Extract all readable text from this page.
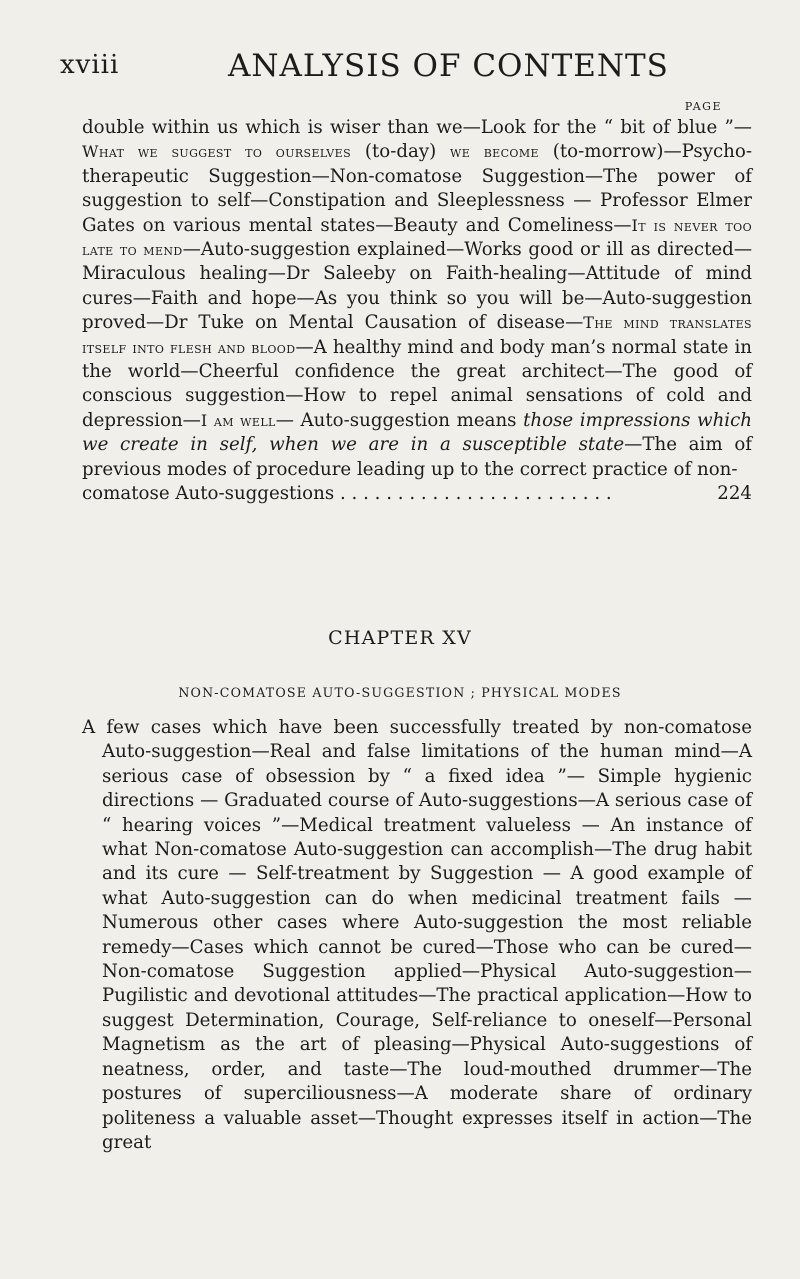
xviii	ANALYSIS OF CONTENTS
PAGE

double within us which is wiser than we—Look for the “ bit of blue ”—What we suggest to ourselves (to-day) we become (to-morrow)—Psycho-therapeutic Suggestion—Non-comatose Suggestion—The power of suggestion to self—Constipation and Sleeplessness — Professor Elmer Gates on various mental states—Beauty and Comeliness—It is never too late to mend—Auto-suggestion explained—Works good or ill as directed—Miraculous healing—Dr Saleeby on Faith-healing—Attitude of mind cures—Faith and hope—As you think so you will be—Auto-suggestion proved—Dr Tuke on Mental Causation of disease—The mind translates itself into flesh and blood—A healthy mind and body man’s normal state in the world—Cheerful confidence the great architect—The good of conscious suggestion—How to repel animal sensations of cold and depression—I am well— Auto-suggestion means those impressions which we create in self, when we are in a susceptible state—The aim of previous modes of procedure leading up to the correct practice of non-

comatose Auto-suggestions . . . . . . . . . . . . . . . . . . . . . . . .	224
CHAPTER XV
NON-COMATOSE AUTO-SUGGESTION ; PHYSICAL MODES

A few cases which have been successfully treated by non-comatose Auto-suggestion—Real and false limitations of the human mind—A serious case of obsession by “ a fixed idea ”— Simple hygienic directions — Graduated course of Auto-suggestions—A serious case of “ hearing voices ”—Medical treatment valueless — An instance of what Non-comatose Auto-suggestion can accomplish—The drug habit and its cure — Self-treatment by Suggestion — A good example of what Auto-suggestion can do when medicinal treatment fails —Numerous other cases where Auto-suggestion the most reliable remedy—Cases which cannot be cured—Those who can be cured—Non-comatose Suggestion applied—Physical Auto-suggestion—Pugilistic and devotional attitudes—The practical application—How to suggest Determination, Courage, Self-reliance to oneself—Personal Magnetism as the art of pleasing—Physical Auto-suggestions of neatness, order, and taste—The loud-mouthed drummer—The postures of superciliousness—A moderate share of ordinary politeness a valuable asset—Thought expresses itself in action—The great
